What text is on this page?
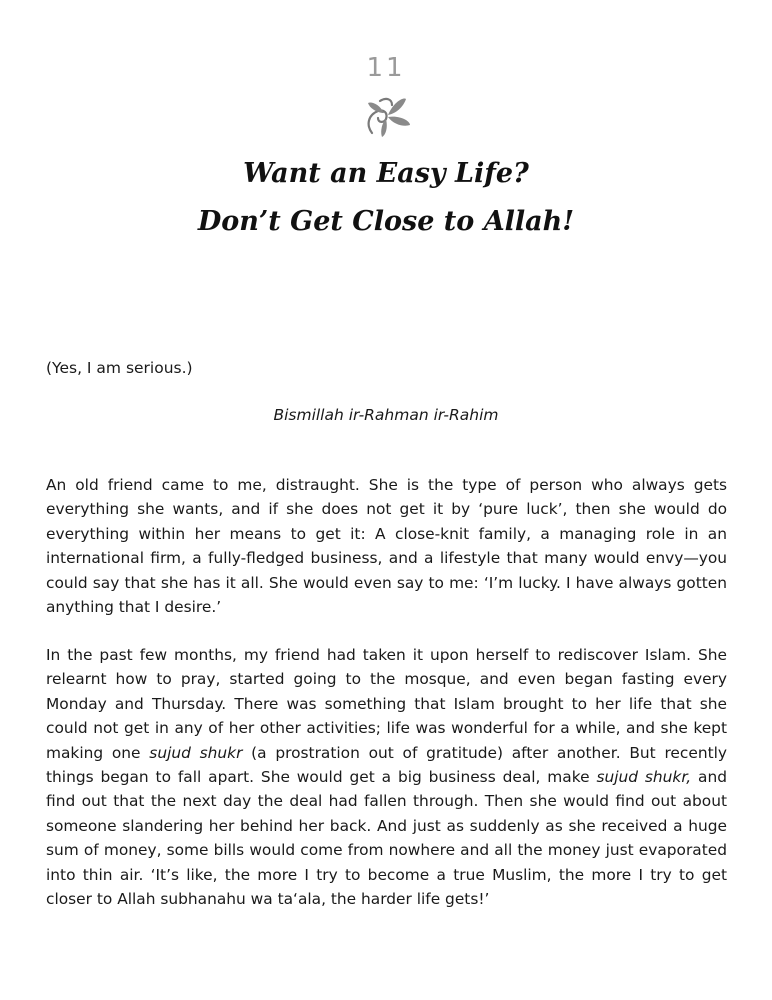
11
Want an Easy Life?
Don’t Get Close to Allah!

(Yes, I am serious.)

Bismillah ir-Rahman ir-Rahim

An old friend came to me, distraught. She is the type of person who always gets everything she wants, and if she does not get it by ‘pure luck’, then she would do everything within her means to get it: A close-knit family, a managing role in an international firm, a fully-fledged business, and a lifestyle that many would envy—you could say that she has it all. She would even say to me: ‘I’m lucky. I have always gotten anything that I desire.’

In the past few months, my friend had taken it upon herself to rediscover Islam. She relearnt how to pray, started going to the mosque, and even began fasting every Monday and Thursday. There was something that Islam brought to her life that she could not get in any of her other activities; life was wonderful for a while, and she kept making one sujud shukr (a prostration out of gratitude) after another. But recently things began to fall apart. She would get a big business deal, make sujud shukr, and find out that the next day the deal had fallen through. Then she would find out about someone slandering her behind her back. And just as suddenly as she received a huge sum of money, some bills would come from nowhere and all the money just evaporated into thin air. ‘It’s like, the more I try to become a true Muslim, the more I try to get closer to Allah subhanahu wa ta‘ala, the harder life gets!’
